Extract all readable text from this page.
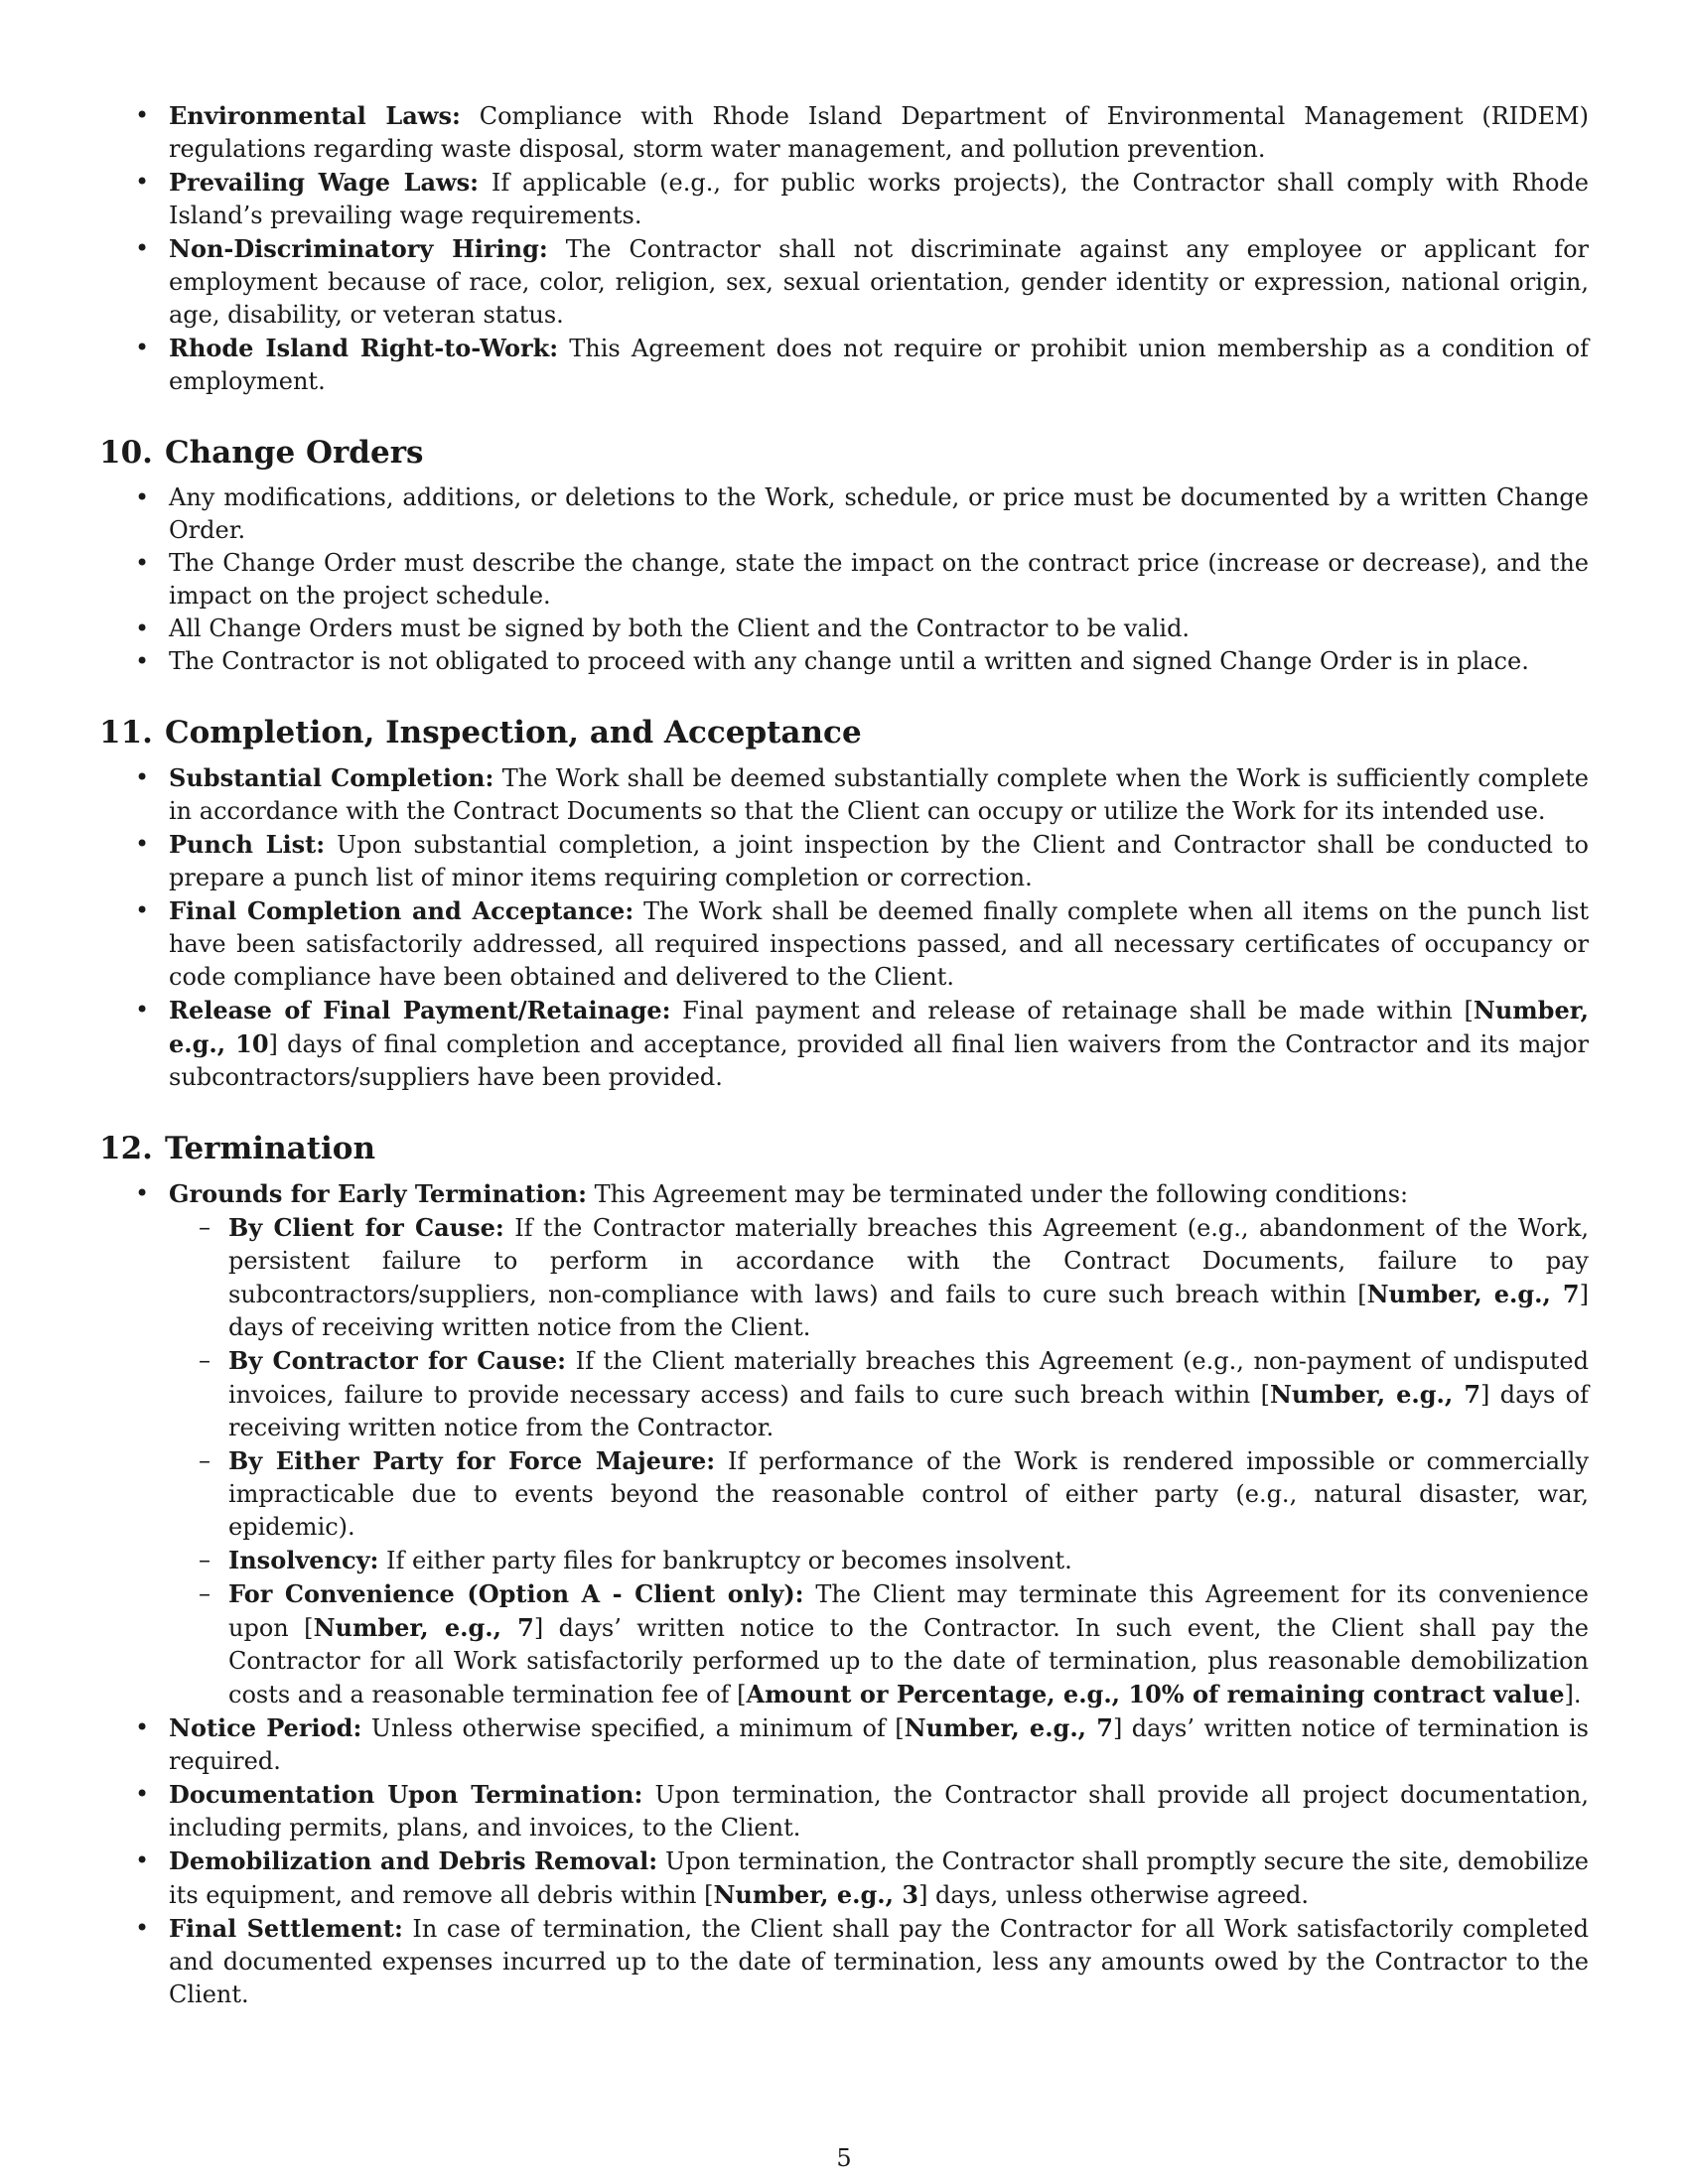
• Environmental Laws: Compliance with Rhode Island Department of Environmental Management (RIDEM) regulations regarding waste disposal, storm water management, and pollution prevention.
• Prevailing Wage Laws: If applicable (e.g., for public works projects), the Contractor shall comply with Rhode Island’s prevailing wage requirements.
• Non-Discriminatory Hiring: The Contractor shall not discriminate against any employee or applicant for employment because of race, color, religion, sex, sexual orientation, gender identity or expression, national origin, age, disability, or veteran status.
• Rhode Island Right-to-Work: This Agreement does not require or prohibit union membership as a condition of employment.
10. Change Orders
• Any modifications, additions, or deletions to the Work, schedule, or price must be documented by a written Change Order.
• The Change Order must describe the change, state the impact on the contract price (increase or decrease), and the impact on the project schedule.
• All Change Orders must be signed by both the Client and the Contractor to be valid.
• The Contractor is not obligated to proceed with any change until a written and signed Change Order is in place.
11. Completion, Inspection, and Acceptance
• Substantial Completion: The Work shall be deemed substantially complete when the Work is sufficiently complete in accordance with the Contract Documents so that the Client can occupy or utilize the Work for its intended use.
• Punch List: Upon substantial completion, a joint inspection by the Client and Contractor shall be conducted to prepare a punch list of minor items requiring completion or correction.
• Final Completion and Acceptance: The Work shall be deemed finally complete when all items on the punch list have been satisfactorily addressed, all required inspections passed, and all necessary certificates of occupancy or code compliance have been obtained and delivered to the Client.
• Release of Final Payment/Retainage: Final payment and release of retainage shall be made within [Number, e.g., 10] days of final completion and acceptance, provided all final lien waivers from the Contractor and its major subcontractors/suppliers have been provided.
12. Termination
• Grounds for Early Termination: This Agreement may be terminated under the following conditions:
– By Client for Cause: If the Contractor materially breaches this Agreement (e.g., abandonment of the Work, persistent failure to perform in accordance with the Contract Documents, failure to pay subcontractors/suppliers, non-compliance with laws) and fails to cure such breach within [Number, e.g., 7] days of receiving written notice from the Client.
– By Contractor for Cause: If the Client materially breaches this Agreement (e.g., non-payment of undisputed invoices, failure to provide necessary access) and fails to cure such breach within [Number, e.g., 7] days of receiving written notice from the Contractor.
– By Either Party for Force Majeure: If performance of the Work is rendered impossible or commercially impracticable due to events beyond the reasonable control of either party (e.g., natural disaster, war, epidemic).
– Insolvency: If either party files for bankruptcy or becomes insolvent.
– For Convenience (Option A - Client only): The Client may terminate this Agreement for its convenience upon [Number, e.g., 7] days’ written notice to the Contractor. In such event, the Client shall pay the Contractor for all Work satisfactorily performed up to the date of termination, plus reasonable demobilization costs and a reasonable termination fee of [Amount or Percentage, e.g., 10% of remaining contract value].
• Notice Period: Unless otherwise specified, a minimum of [Number, e.g., 7] days’ written notice of termination is required.
• Documentation Upon Termination: Upon termination, the Contractor shall provide all project documentation, including permits, plans, and invoices, to the Client.
• Demobilization and Debris Removal: Upon termination, the Contractor shall promptly secure the site, demobilize its equipment, and remove all debris within [Number, e.g., 3] days, unless otherwise agreed.
• Final Settlement: In case of termination, the Client shall pay the Contractor for all Work satisfactorily completed and documented expenses incurred up to the date of termination, less any amounts owed by the Contractor to the Client.
5
